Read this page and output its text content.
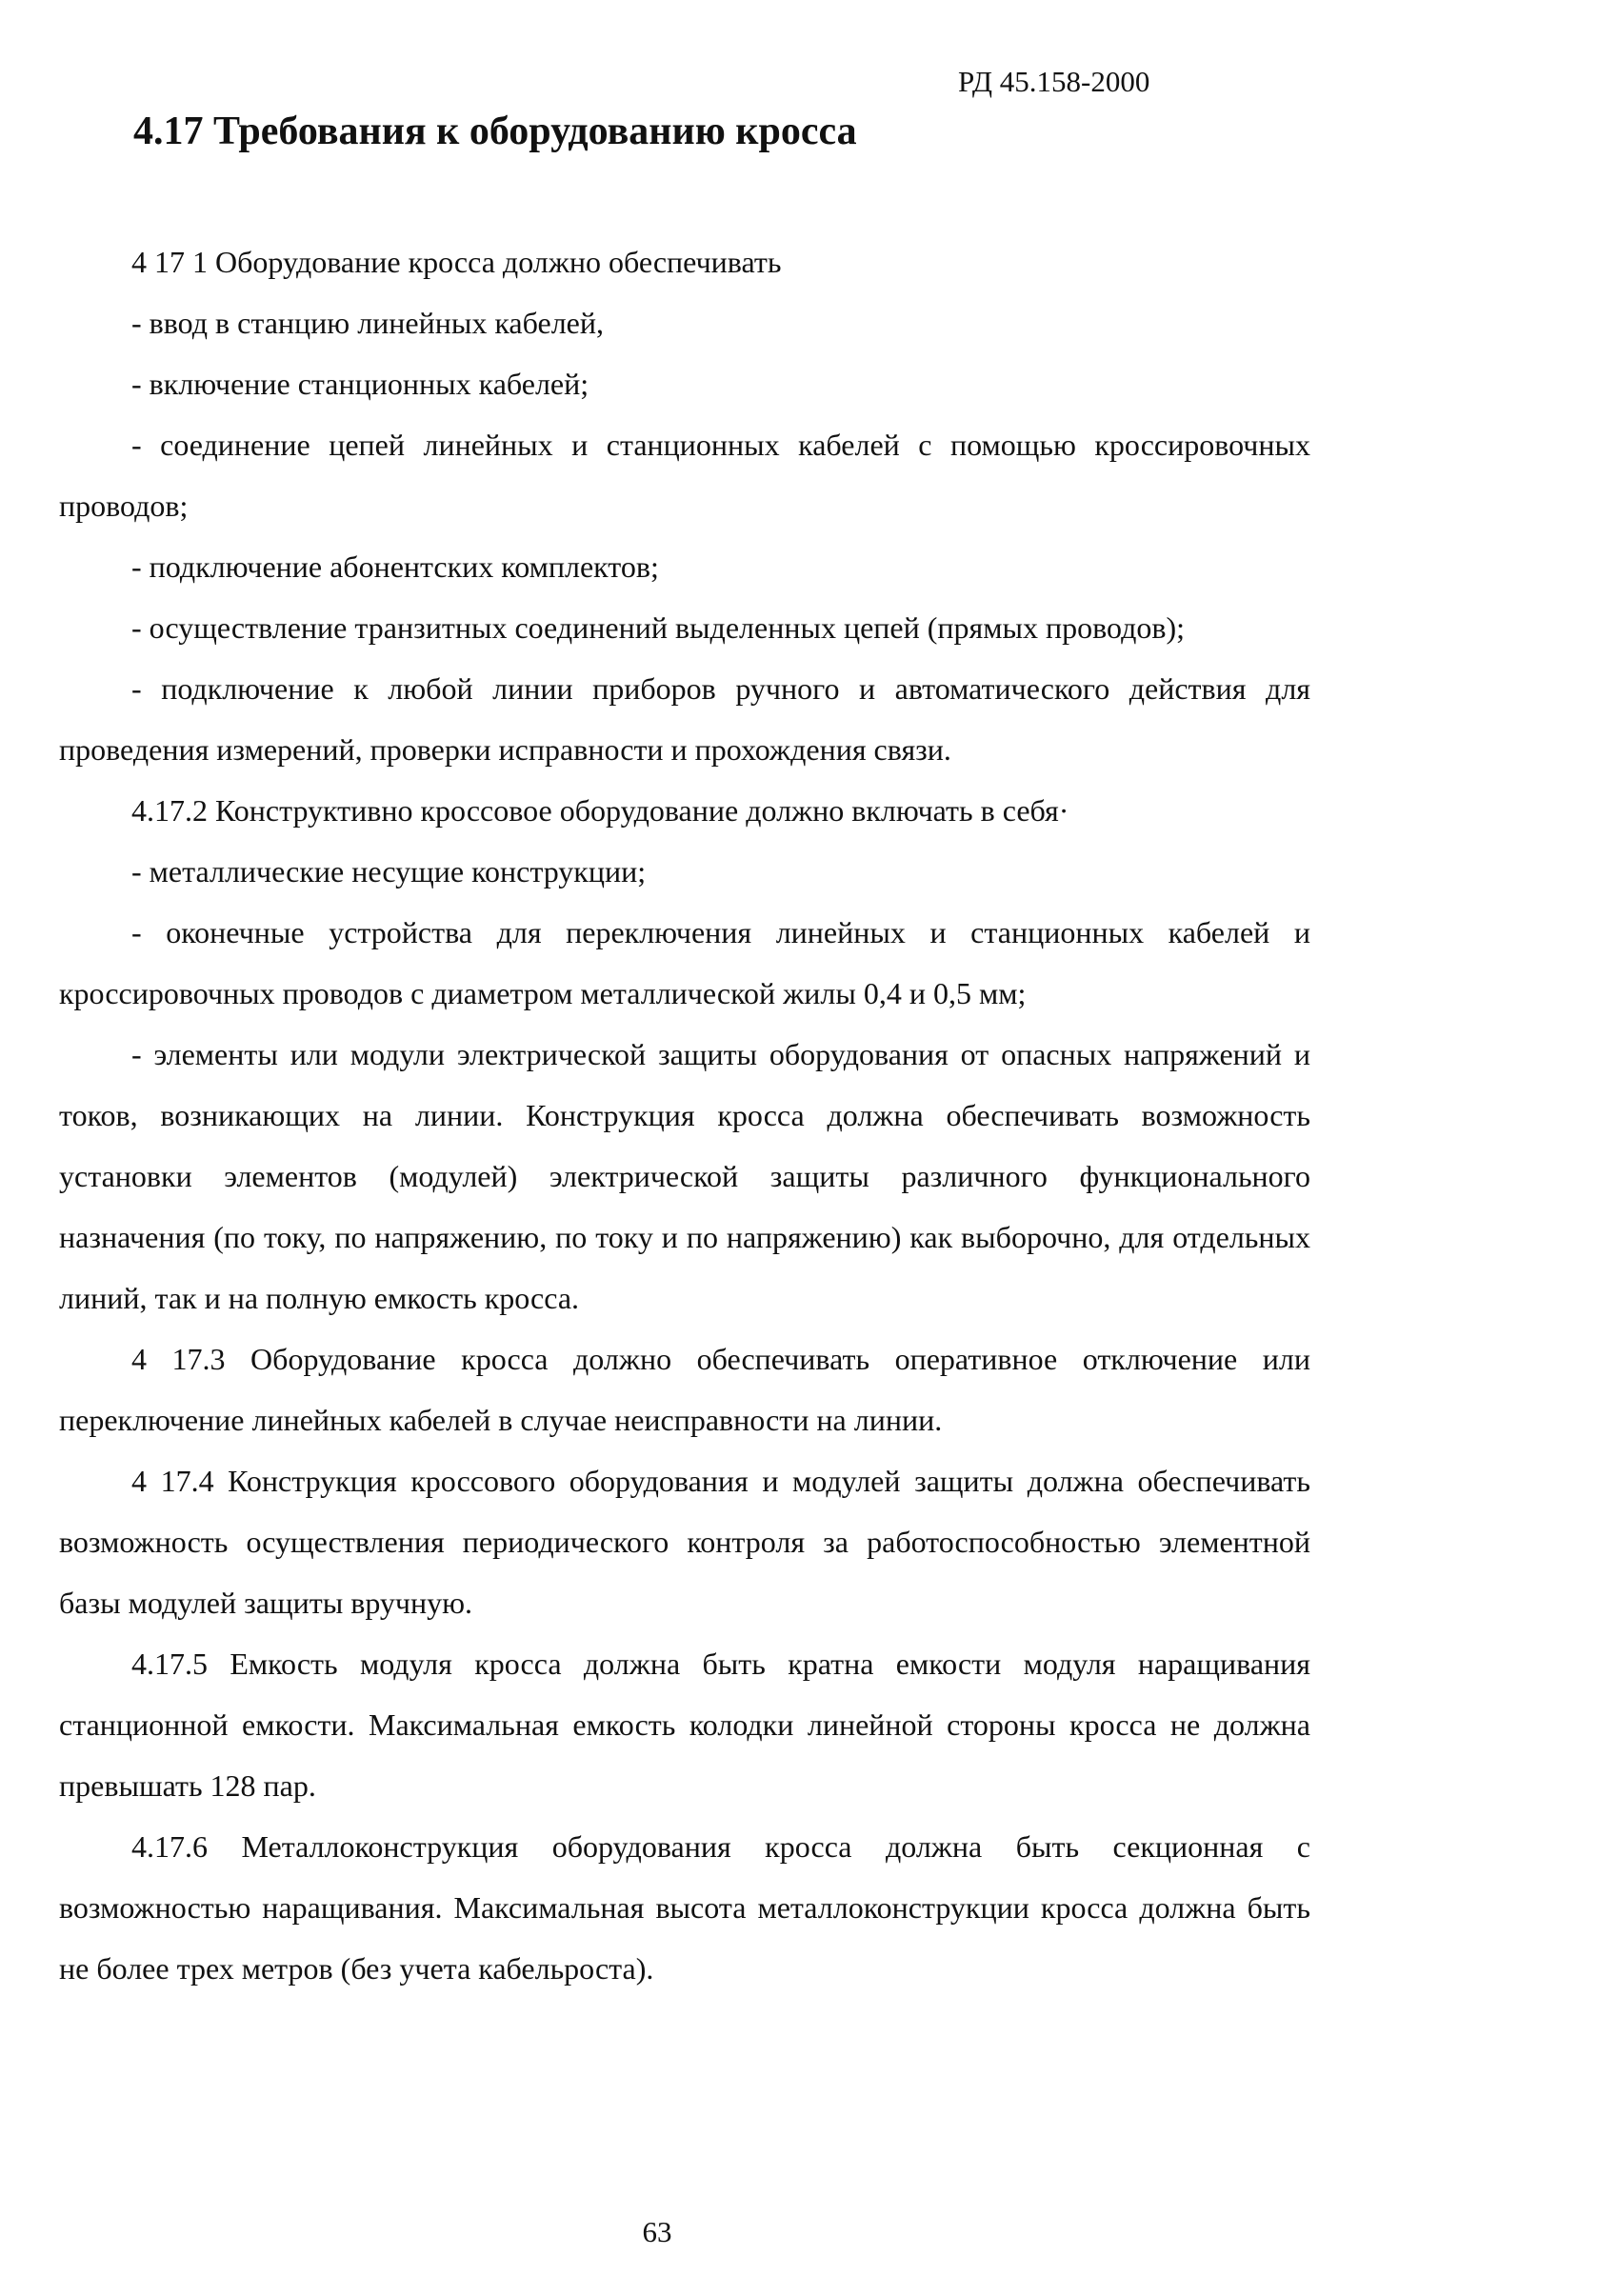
РД 45.158-2000
4.17 Требования к оборудованию кросса

4 17 1 Оборудование кросса должно обеспечивать

- ввод в станцию линейных кабелей,

- включение станционных кабелей;

- соединение цепей линейных и станционных кабелей с помощью кроссировочных проводов;

- подключение абонентских комплектов;

- осуществление транзитных соединений выделенных цепей (прямых проводов);

- подключение к любой линии приборов ручного и автоматического действия для проведения измерений, проверки исправности и прохождения связи.

4.17.2 Конструктивно кроссовое оборудование должно включать в себя·

- металлические несущие конструкции;

- оконечные устройства для переключения линейных и станционных кабелей и кроссировочных проводов с диаметром металлической жилы 0,4 и 0,5 мм;

- элементы или модули электрической защиты оборудования от опасных напряжений и токов, возникающих на линии. Конструкция кросса должна обеспечивать возможность установки элементов (модулей) электрической защиты различного функционального назначения (по току, по напряжению, по току и по напряжению) как выборочно, для отдельных линий, так и на полную емкость кросса.

4 17.3 Оборудование кросса должно обеспечивать оперативное отключение или переключение линейных кабелей в случае неисправности на линии.

4 17.4 Конструкция кроссового оборудования и модулей защиты должна обеспечивать возможность осуществления периодического контроля за работоспособностью элементной базы модулей защиты вручную.

4.17.5 Емкость модуля кросса должна быть кратна емкости модуля наращивания станционной емкости. Максимальная емкость колодки линейной стороны кросса не должна превышать 128 пар.

4.17.6 Металлоконструкция оборудования кросса должна быть секционная с возможностью наращивания. Максимальная высота металлоконструкции кросса должна быть не более трех метров (без учета кабельроста).

63
